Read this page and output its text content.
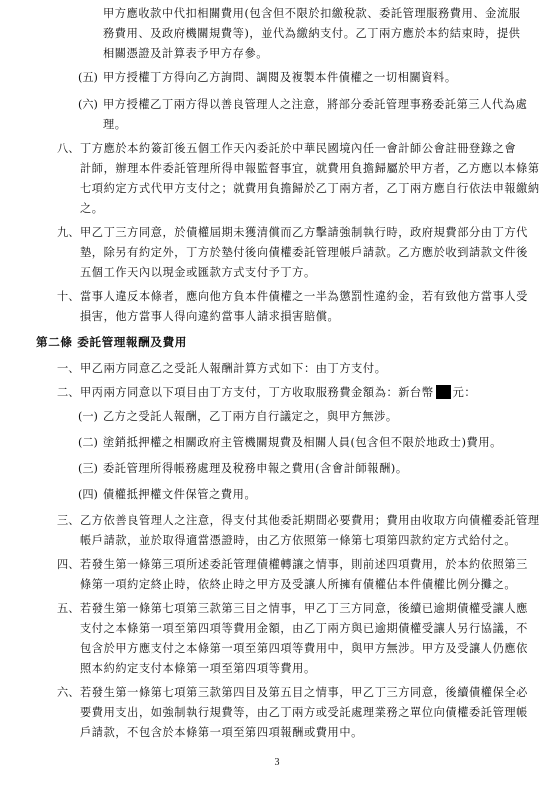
甲方應收款中代扣相關費用(包含但不限於扣繳稅款、委託管理服務費用、金流服
務費用、及政府機關規費等)，並代為繳納支付。乙丁兩方應於本約結束時，提供
相關憑證及計算表予甲方存參。
(五) 甲方授權丁方得向乙方詢問、調閱及複製本件債權之一切相關資料。
(六) 甲方授權乙丁兩方得以善良管理人之注意，將部分委託管理事務委託第三人代為處
理。
八、 丁方應於本約簽訂後五個工作天內委託於中華民國境內任一會計師公會註冊登錄之會
計師，辦理本件委託管理所得申報監督事宜，就費用負擔歸屬於甲方者，乙方應以本條第
七項約定方式代甲方支付之；就費用負擔歸於乙丁兩方者，乙丁兩方應自行依法申報繳納
之。
九、 甲乙丁三方同意，於債權屆期未獲清償而乙方擊請強制執行時，政府規費部分由丁方代
墊，除另有約定外，丁方於墊付後向債權委託管理帳戶請款。乙方應於收到請款文件後
五個工作天內以現金或匯款方式支付予丁方。
十、 當事人違反本條者，應向他方負本件債權之一半為懲罰性違約金，若有致他方當事人受
損害，他方當事人得向違約當事人請求損害賠償。
第二條 委託管理報酬及費用
一、 甲乙兩方同意乙之受託人報酬計算方式如下：由丁方支付。
二、 甲丙兩方同意以下項目由丁方支付，丁方收取服務費金額為：新台幣 元：
(一) 乙方之受託人報酬，乙丁兩方自行議定之，與甲方無涉。
(二) 塗銷抵押權之相關政府主管機關規費及相關人員(包含但不限於地政士)費用。
(三) 委託管理所得帳務處理及稅務申報之費用(含會計師報酬)。
(四) 債權抵押權文件保管之費用。
三、 乙方依善良管理人之注意，得支付其他委託期間必要費用；費用由收取方向債權委託管理
帳戶請款，並於取得適當憑證時，由乙方依照第一條第七項第四款約定方式給付之。
四、 若發生第一條第三項所述委託管理債權轉讓之情事，則前述四項費用，於本約依照第三
條第一項約定終止時，依終止時之甲方及受讓人所擁有債權佔本件債權比例分攤之。
五、 若發生第一條第七項第三款第三目之情事，甲乙丁三方同意，後續已逾期債權受讓人應
支付之本條第一項至第四項等費用金額，由乙丁兩方與已逾期債權受讓人另行協議，不
包含於甲方應支付之本條第一項至第四項等費用中，與甲方無涉。甲方及受讓人仍應依
照本約約定支付本條第一項至第四項等費用。
六、 若發生第一條第七項第三款第四目及第五目之情事，甲乙丁三方同意，後續債權保全必
要費用支出，如強制執行規費等，由乙丁兩方或受託處理業務之單位向債權委託管理帳
戶請款，不包含於本條第一項至第四項報酬或費用中。
3
